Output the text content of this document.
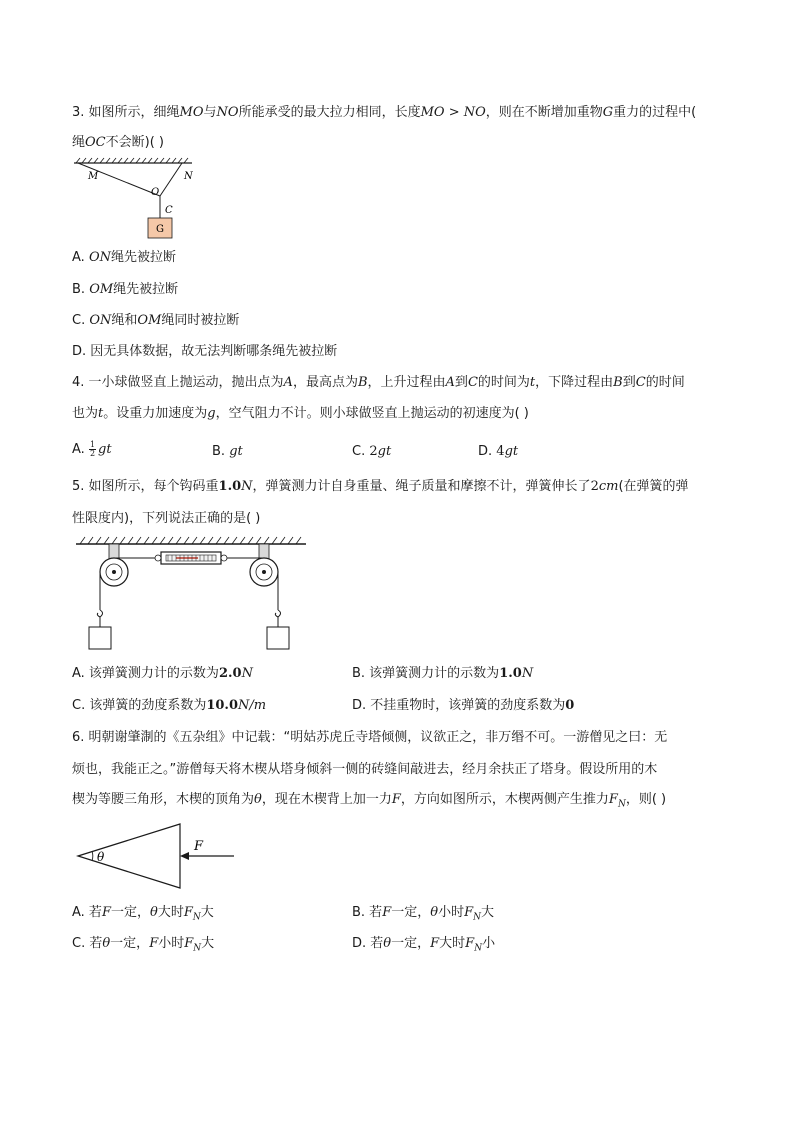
3. 如图所示，细绳MO与NO所能承受的最大拉力相同，长度MO > NO，则在不断增加重物G重力的过程中(
绳OC不会断)( )
M	N
O
C
G
A. ON绳先被拉断
B. OM绳先被拉断
C. ON绳和OM绳同时被拉断
D. 因无具体数据，故无法判断哪条绳先被拉断
4. 一小球做竖直上抛运动，抛出点为A，最高点为B，上升过程由A到C的时间为t，下降过程由B到C的时间
也为t。设重力加速度为g，空气阻力不计。则小球做竖直上抛运动的初速度为( )
A. $\frac{1}{2}$ gt	B. gt	C. 2gt	D. 4gt
5. 如图所示，每个钩码重1.0N，弹簧测力计自身重量、绳子质量和摩擦不计，弹簧伸长了2cm(在弹簧的弹
性限度内)，下列说法正确的是( )
A. 该弹簧测力计的示数为2.0N	B. 该弹簧测力计的示数为1.0N
C. 该弹簧的劲度系数为10.0N/m	D. 不挂重物时，该弹簧的劲度系数为0
6. 明朝谢肇淛的《五杂组》中记载：“明姑苏虎丘寺塔倾侧，议欲正之，非万缗不可。一游僧见之曰：无
烦也，我能正之。”游僧每天将木楔从塔身倾斜一侧的砖缝间敲进去，经月余扶正了塔身。假设所用的木
楔为等腰三角形，木楔的顶角为θ，现在木楔背上加一力F，方向如图所示，木楔两侧产生推力$F_N$，则( )
θ
F
A. 若F一定，θ大时$F_N$大	B. 若F一定，θ小时$F_N$大
C. 若θ一定，F小时$F_N$大	D. 若θ一定，F大时$F_N$小
